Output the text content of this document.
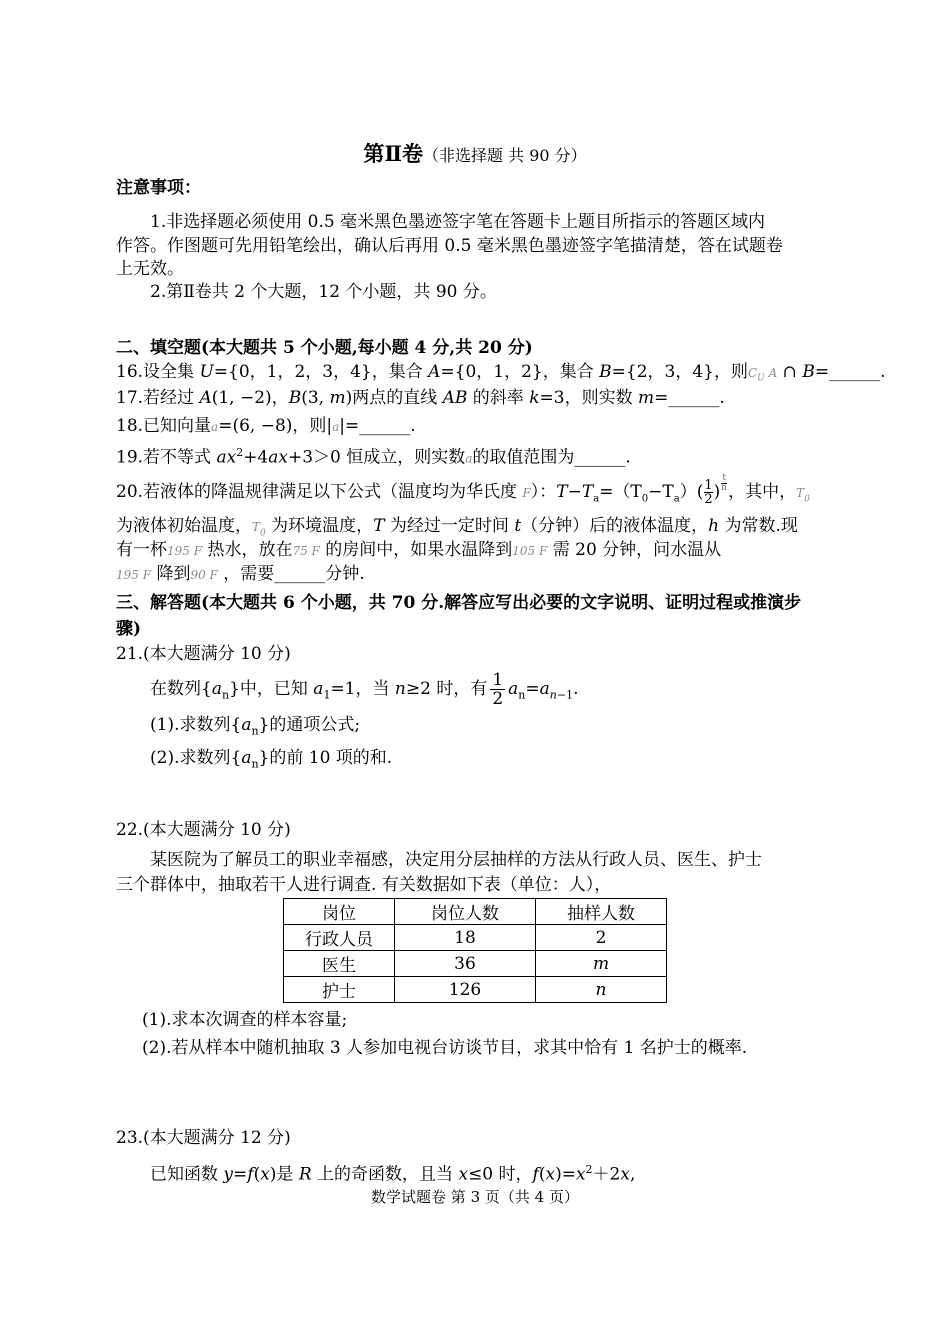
第Ⅱ卷（非选择题 共 90 分）
注意事项：
1.非选择题必须使用 0.5 毫米黑色墨迹签字笔在答题卡上题目所指示的答题区域内
作答。作图题可先用铅笔绘出，确认后再用 0.5 毫米黑色墨迹签字笔描清楚，答在试题卷
上无效。
2.第Ⅱ卷共 2 个大题，12 个小题，共 90 分。
二、填空题(本大题共 5 个小题,每小题 4 分,共 20 分)
16.设全集 U={0，1，2，3，4}，集合 A={0，1，2}，集合 B={2，3，4}，则$C_U$ A ∩ B=______.
17.若经过 A(1, −2)，B(3, m)两点的直线 AB 的斜率 k=3，则实数 m=______.
18.已知向量a=(6, −8)，则|a|=______.
19.若不等式 $ax^2+4ax+3>0$ 恒成立，则实数a的取值范围为______.
20.若液体的降温规律满足以下公式（温度均为华氏度 F）：$T-T_a=(T_0-T_a)( \frac{1}{2}) \frac{t}{h}$，其中，$T_0$
为液体初始温度，$T_0$ 为环境温度，T 为经过一定时间 t（分钟）后的液体温度，h 为常数.现
有一杯195 F 热水，放在75 F 的房间中，如果水温降到105 F 需 20 分钟，问水温从
195 F 降到90 F ，需要______分钟.
三、解答题(本大题共 6 个小题，共 70 分.解答应写出必要的文字说明、证明过程或推演步
骤)
21.(本大题满分 10 分)
在数列$\{a_n\}$中，已知 $a_1=1$，当 n≥2 时，有 $\frac{1}{2} a_n=a_{n-1}$.
(1).求数列$\{a_n\}$的通项公式;
(2).求数列$\{a_n\}$的前 10 项的和.
22.(本大题满分 10 分)
某医院为了解员工的职业幸福感，决定用分层抽样的方法从行政人员、医生、护士
三个群体中，抽取若干人进行调查. 有关数据如下表（单位：人），
岗位	岗位人数	抽样人数
行政人员	18	2
医生	36	m
护士	126	n
(1).求本次调查的样本容量;
(2).若从样本中随机抽取 3 人参加电视台访谈节目，求其中恰有 1 名护士的概率.
23.(本大题满分 12 分)
已知函数 y=f(x)是 R 上的奇函数，且当 x≤0 时，$f(x)=x^2+2x$,
数学试题卷 第 3 页（共 4 页）
